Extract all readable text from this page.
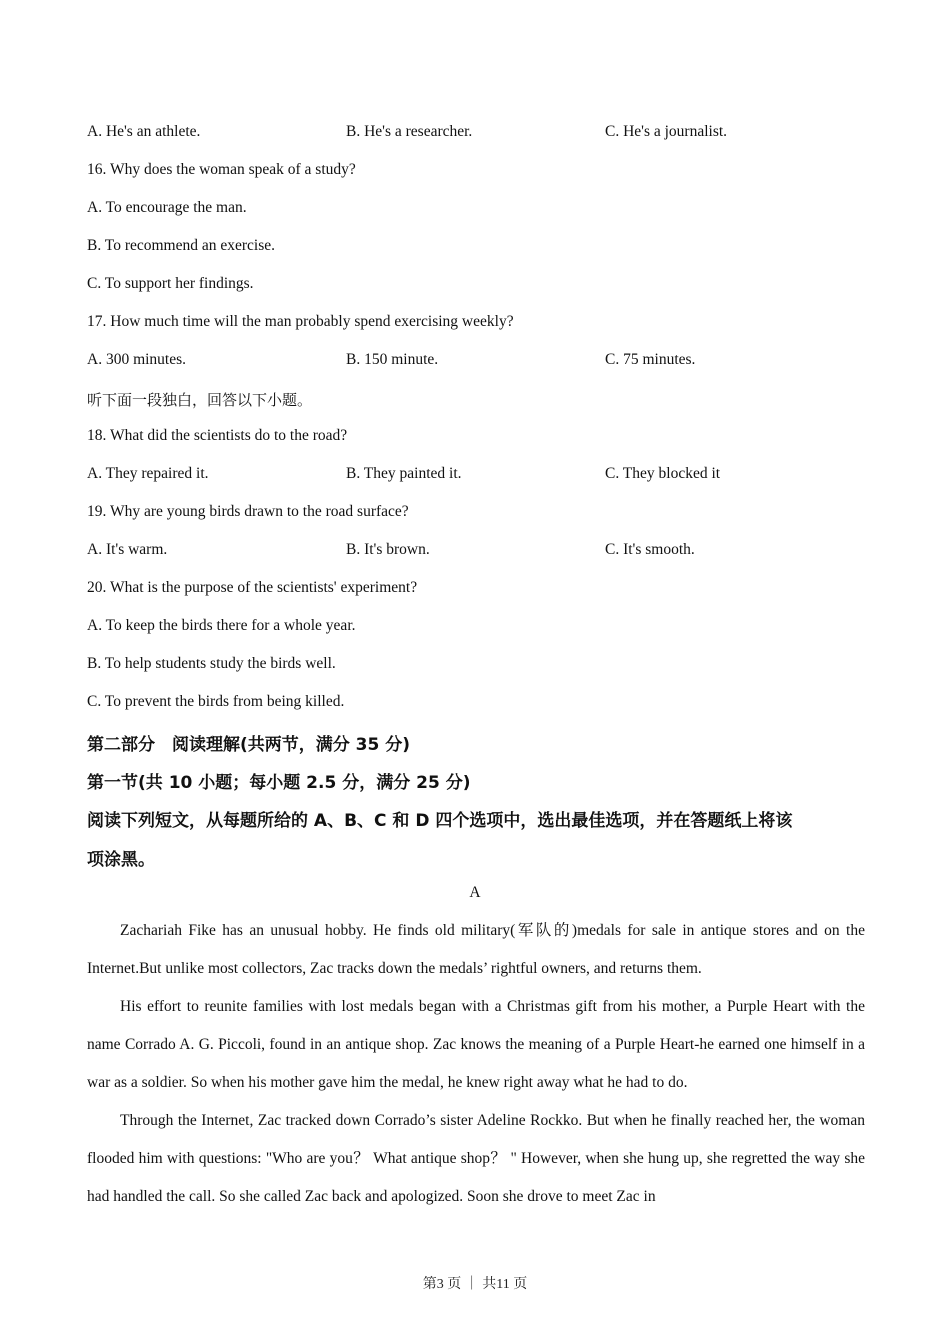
A. He's an athlete.	B. He's a researcher.	C. He's a journalist.
16. Why does the woman speak of a study?
A. To encourage the man.
B. To recommend an exercise.
C. To support her findings.
17. How much time will the man probably spend exercising weekly?
A. 300 minutes.	B. 150 minute.	C. 75 minutes.
听下面一段独白，回答以下小题。
18. What did the scientists do to the road?
A. They repaired it.	B. They painted it.	C. They blocked it
19. Why are young birds drawn to the road surface?
A. It's warm.	B. It's brown.	C. It's smooth.
20. What is the purpose of the scientists' experiment?
A. To keep the birds there for a whole year.
B. To help students study the birds well.
C. To prevent the birds from being killed.
第二部分　阅读理解(共两节，满分 35 分)
第一节(共 10 小题；每小题 2.5 分，满分 25 分)
阅读下列短文，从每题所给的 A、B、C 和 D 四个选项中，选出最佳选项，并在答题纸上将该
项涂黑。
A
Zachariah Fike has an unusual hobby. He finds old military(军队的)medals for sale in antique stores and on the Internet.But unlike most collectors, Zac tracks down the medals’ rightful owners, and returns them.
His effort to reunite families with lost medals began with a Christmas gift from his mother, a Purple Heart with the name Corrado A. G. Piccoli, found in an antique shop. Zac knows the meaning of a Purple Heart-he earned one himself in a war as a soldier. So when his mother gave him the medal, he knew right away what he had to do.
Through the Internet, Zac tracked down Corrado’s sister Adeline Rockko. But when he finally reached her, the woman flooded him with questions: "Who are you？ What antique shop？ " However, when she hung up, she regretted the way she had handled the call. So she called Zac back and apologized. Soon she drove to meet Zac in
第3 页 ｜ 共11 页
